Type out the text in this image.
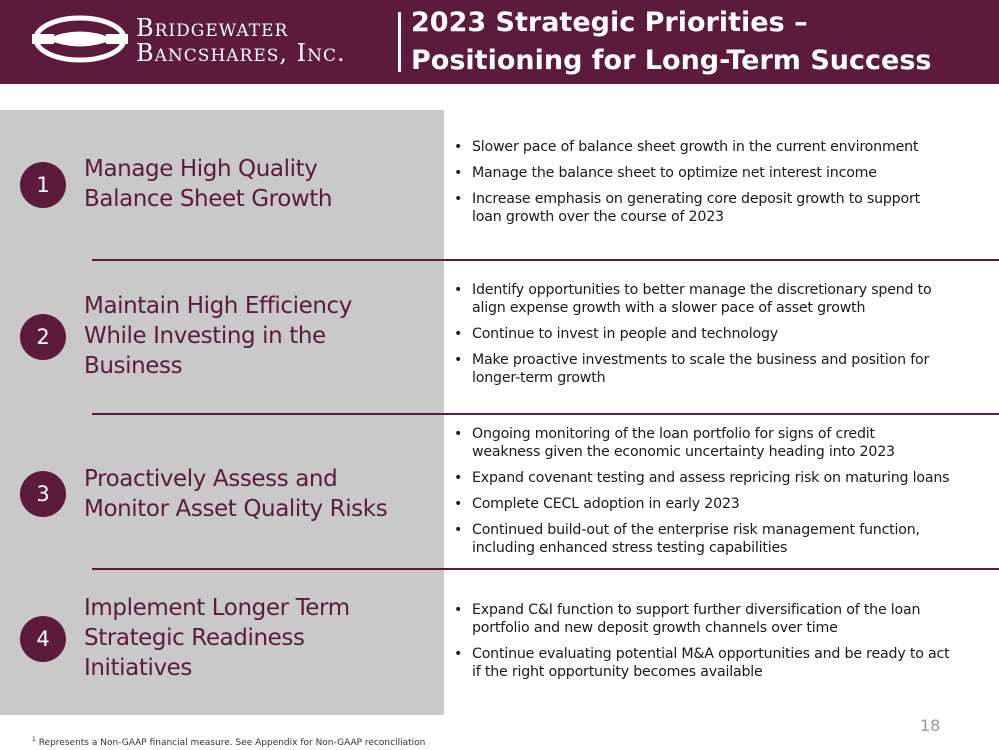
Bridgewater
Bancshares, Inc.
2023 Strategic Priorities –
Positioning for Long-Term Success
1
Manage High Quality
Balance Sheet Growth
• Slower pace of balance sheet growth in the current environment
• Manage the balance sheet to optimize net interest income
• Increase emphasis on generating core deposit growth to support
loan growth over the course of 2023
2
Maintain High Efficiency
While Investing in the
Business
• Identify opportunities to better manage the discretionary spend to
align expense growth with a slower pace of asset growth
• Continue to invest in people and technology
• Make proactive investments to scale the business and position for
longer-term growth
3
Proactively Assess and
Monitor Asset Quality Risks
• Ongoing monitoring of the loan portfolio for signs of credit
weakness given the economic uncertainty heading into 2023
• Expand covenant testing and assess repricing risk on maturing loans
• Complete CECL adoption in early 2023
• Continued build-out of the enterprise risk management function,
including enhanced stress testing capabilities
4
Implement Longer Term
Strategic Readiness
Initiatives
• Expand C&I function to support further diversification of the loan
portfolio and new deposit growth channels over time
• Continue evaluating potential M&A opportunities and be ready to act
if the right opportunity becomes available
18
$^1$ Represents a Non-GAAP financial measure. See Appendix for Non-GAAP reconciliation
